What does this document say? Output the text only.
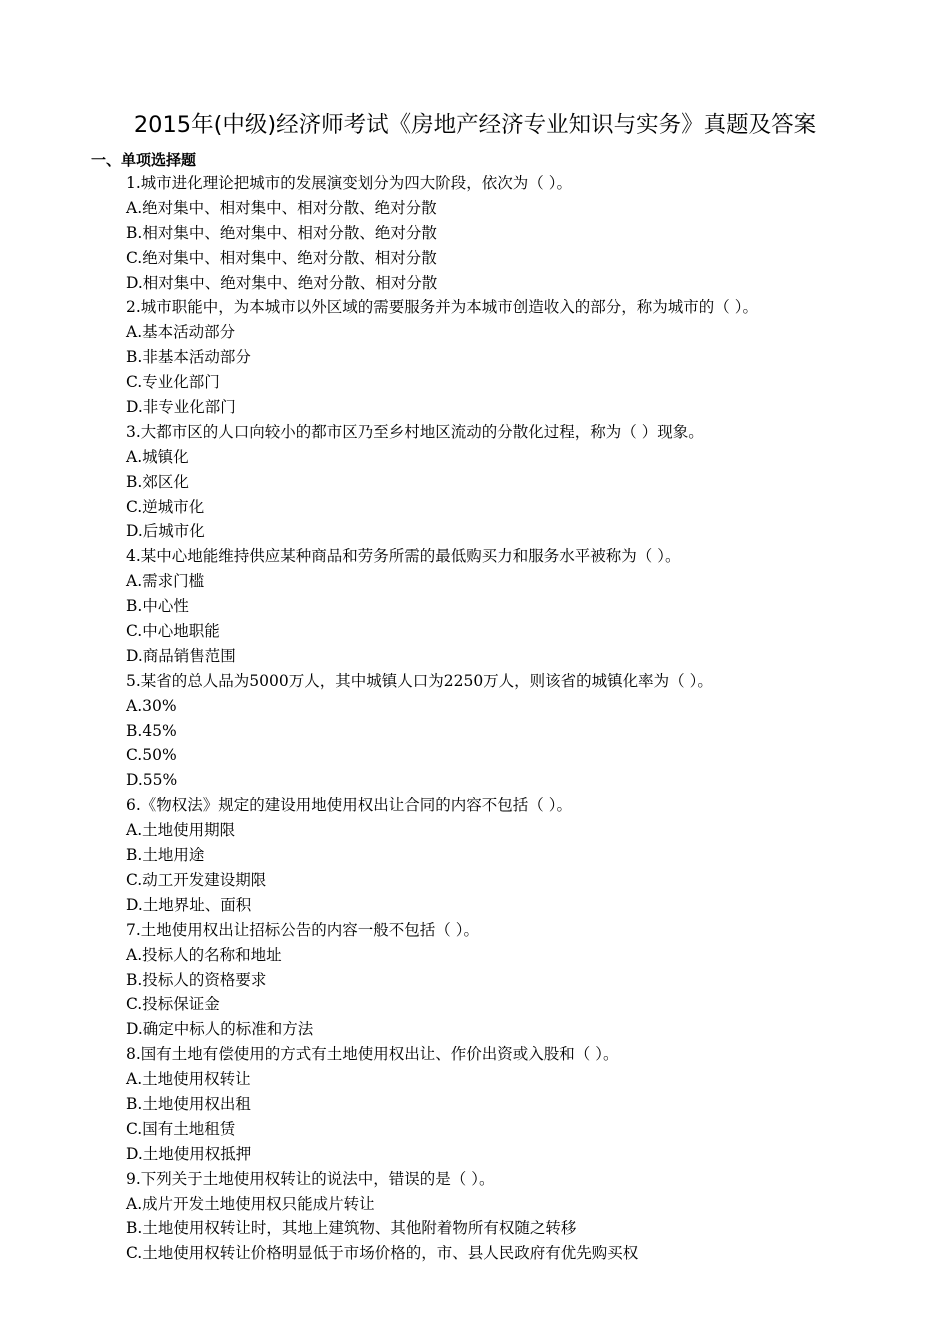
2015年(中级)经济师考试《房地产经济专业知识与实务》真题及答案
一、单项选择题
1.城市进化理论把城市的发展演变划分为四大阶段，依次为（ ）。
A.绝对集中、相对集中、相对分散、绝对分散
B.相对集中、绝对集中、相对分散、绝对分散
C.绝对集中、相对集中、绝对分散、相对分散
D.相对集中、绝对集中、绝对分散、相对分散
2.城市职能中，为本城市以外区域的需要服务并为本城市创造收入的部分，称为城市的（ ）。
A.基本活动部分
B.非基本活动部分
C.专业化部门
D.非专业化部门
3.大都市区的人口向较小的都市区乃至乡村地区流动的分散化过程，称为（ ）现象。
A.城镇化
B.郊区化
C.逆城市化
D.后城市化
4.某中心地能维持供应某种商品和劳务所需的最低购买力和服务水平被称为（ ）。
A.需求门槛
B.中心性
C.中心地职能
D.商品销售范围
5.某省的总人品为5000万人，其中城镇人口为2250万人，则该省的城镇化率为（ ）。
A.30%
B.45%
C.50%
D.55%
6.《物权法》规定的建设用地使用权出让合同的内容不包括（ ）。
A.土地使用期限
B.土地用途
C.动工开发建设期限
D.土地界址、面积
7.土地使用权出让招标公告的内容一般不包括（ ）。
A.投标人的名称和地址
B.投标人的资格要求
C.投标保证金
D.确定中标人的标准和方法
8.国有土地有偿使用的方式有土地使用权出让、作价出资或入股和（ ）。
A.土地使用权转让
B.土地使用权出租
C.国有土地租赁
D.土地使用权抵押
9.下列关于土地使用权转让的说法中，错误的是（ ）。
A.成片开发土地使用权只能成片转让
B.土地使用权转让时，其地上建筑物、其他附着物所有权随之转移
C.土地使用权转让价格明显低于市场价格的，市、县人民政府有优先购买权
